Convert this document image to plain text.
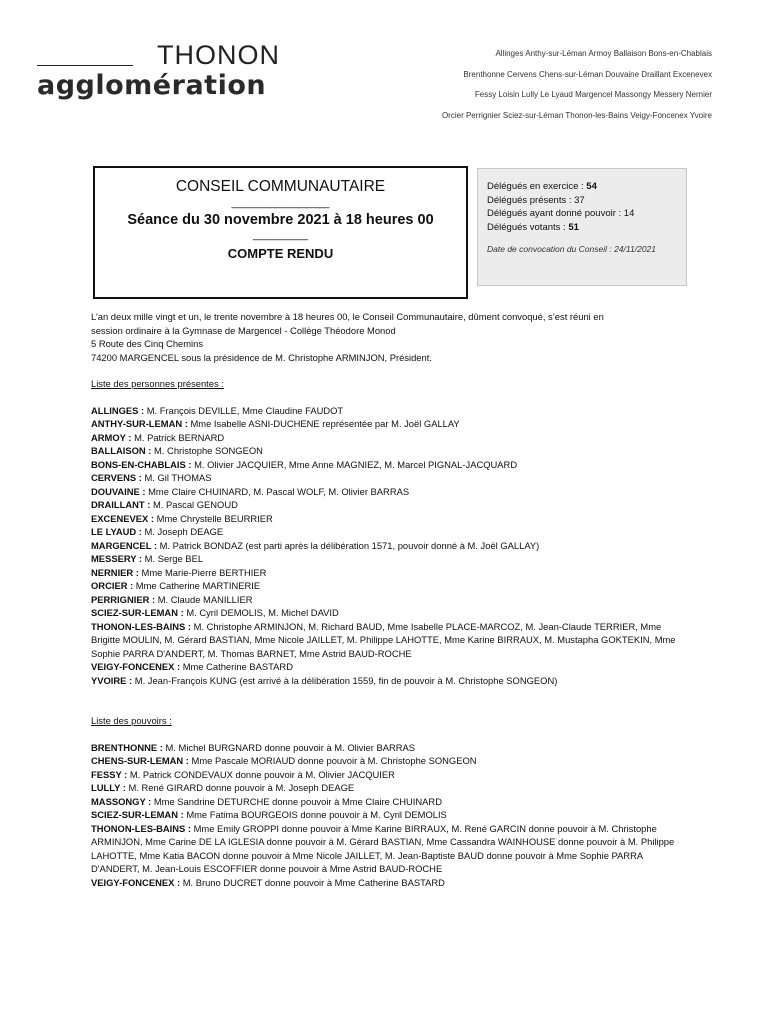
THONON
agglomération
Allinges Anthy-sur-Léman Armoy Ballaison Bons-en-Chablais
Brenthonne Cervens Chens-sur-Léman Douvaine Draillant Excenevex
Fessy Loisin Lully Le Lyaud Margencel Massongy Messery Nernier
Orcier Perrignier Sciez-sur-Léman Thonon-les-Bains Veigy-Foncenex Yvoire
CONSEIL COMMUNAUTAIRE
________________
Séance du 30 novembre 2021 à 18 heures 00
_________
COMPTE RENDU
Délégués en exercice : 54
Délégués présents : 37
Délégués ayant donné pouvoir : 14
Délégués votants : 51
Date de convocation du Conseil : 24/11/2021

L’an deux mille vingt et un, le trente novembre à 18 heures 00, le Conseil Communautaire, dûment convoqué, s’est réuni en

session ordinaire à la Gymnase de Margencel - Collège Théodore Monod

5 Route des Cinq Chemins

74200 MARGENCEL sous la présidence de M. Christophe ARMINJON, Président.

Liste des personnes présentes :

ALLINGES : M. François DEVILLE, Mme Claudine FAUDOT

ANTHY-SUR-LEMAN : Mme Isabelle ASNI-DUCHENE représentée par M. Joël GALLAY

ARMOY : M. Patrick BERNARD

BALLAISON : M. Christophe SONGEON

BONS-EN-CHABLAIS : M. Olivier JACQUIER, Mme Anne MAGNIEZ, M. Marcel PIGNAL-JACQUARD

CERVENS : M. Gil THOMAS

DOUVAINE : Mme Claire CHUINARD, M. Pascal WOLF, M. Olivier BARRAS

DRAILLANT : M. Pascal GENOUD

EXCENEVEX : Mme Chrystelle BEURRIER

LE LYAUD : M. Joseph DEAGE

MARGENCEL : M. Patrick BONDAZ (est parti après la délibération 1571, pouvoir donné à M. Joël GALLAY)

MESSERY : M. Serge BEL

NERNIER : Mme Marie-Pierre BERTHIER

ORCIER : Mme Catherine MARTINERIE

PERRIGNIER : M. Claude MANILLIER

SCIEZ-SUR-LEMAN : M. Cyril DEMOLIS, M. Michel DAVID

THONON-LES-BAINS : M. Christophe ARMINJON, M. Richard BAUD, Mme Isabelle PLACE-MARCOZ, M. Jean-Claude TERRIER, Mme Brigitte MOULIN, M. Gérard BASTIAN, Mme Nicole JAILLET, M. Philippe LAHOTTE, Mme Karine BIRRAUX, M. Mustapha GOKTEKIN, Mme Sophie PARRA D'ANDERT, M. Thomas BARNET, Mme Astrid BAUD-ROCHE

VEIGY-FONCENEX : Mme Catherine BASTARD

YVOIRE : M. Jean-François KUNG (est arrivé à la délibération 1559, fin de pouvoir à M. Christophe SONGEON)

Liste des pouvoirs :

BRENTHONNE : M. Michel BURGNARD donne pouvoir à M. Olivier BARRAS

CHENS-SUR-LEMAN : Mme Pascale MORIAUD donne pouvoir à M. Christophe SONGEON

FESSY : M. Patrick CONDEVAUX donne pouvoir à M. Olivier JACQUIER

LULLY : M. René GIRARD donne pouvoir à M. Joseph DEAGE

MASSONGY : Mme Sandrine DETURCHE donne pouvoir à Mme Claire CHUINARD

SCIEZ-SUR-LEMAN : Mme Fatima BOURGEOIS donne pouvoir à M. Cyril DEMOLIS

THONON-LES-BAINS : Mme Emily GROPPI donne pouvoir à Mme Karine BIRRAUX, M. René GARCIN donne pouvoir à M. Christophe ARMINJON, Mme Carine DE LA IGLESIA donne pouvoir à M. Gérard BASTIAN, Mme Cassandra WAINHOUSE donne pouvoir à M. Philippe LAHOTTE, Mme Katia BACON donne pouvoir à Mme Nicole JAILLET, M. Jean-Baptiste BAUD donne pouvoir à Mme Sophie PARRA D'ANDERT, M. Jean-Louis ESCOFFIER donne pouvoir à Mme Astrid BAUD-ROCHE

VEIGY-FONCENEX : M. Bruno DUCRET donne pouvoir à Mme Catherine BASTARD
